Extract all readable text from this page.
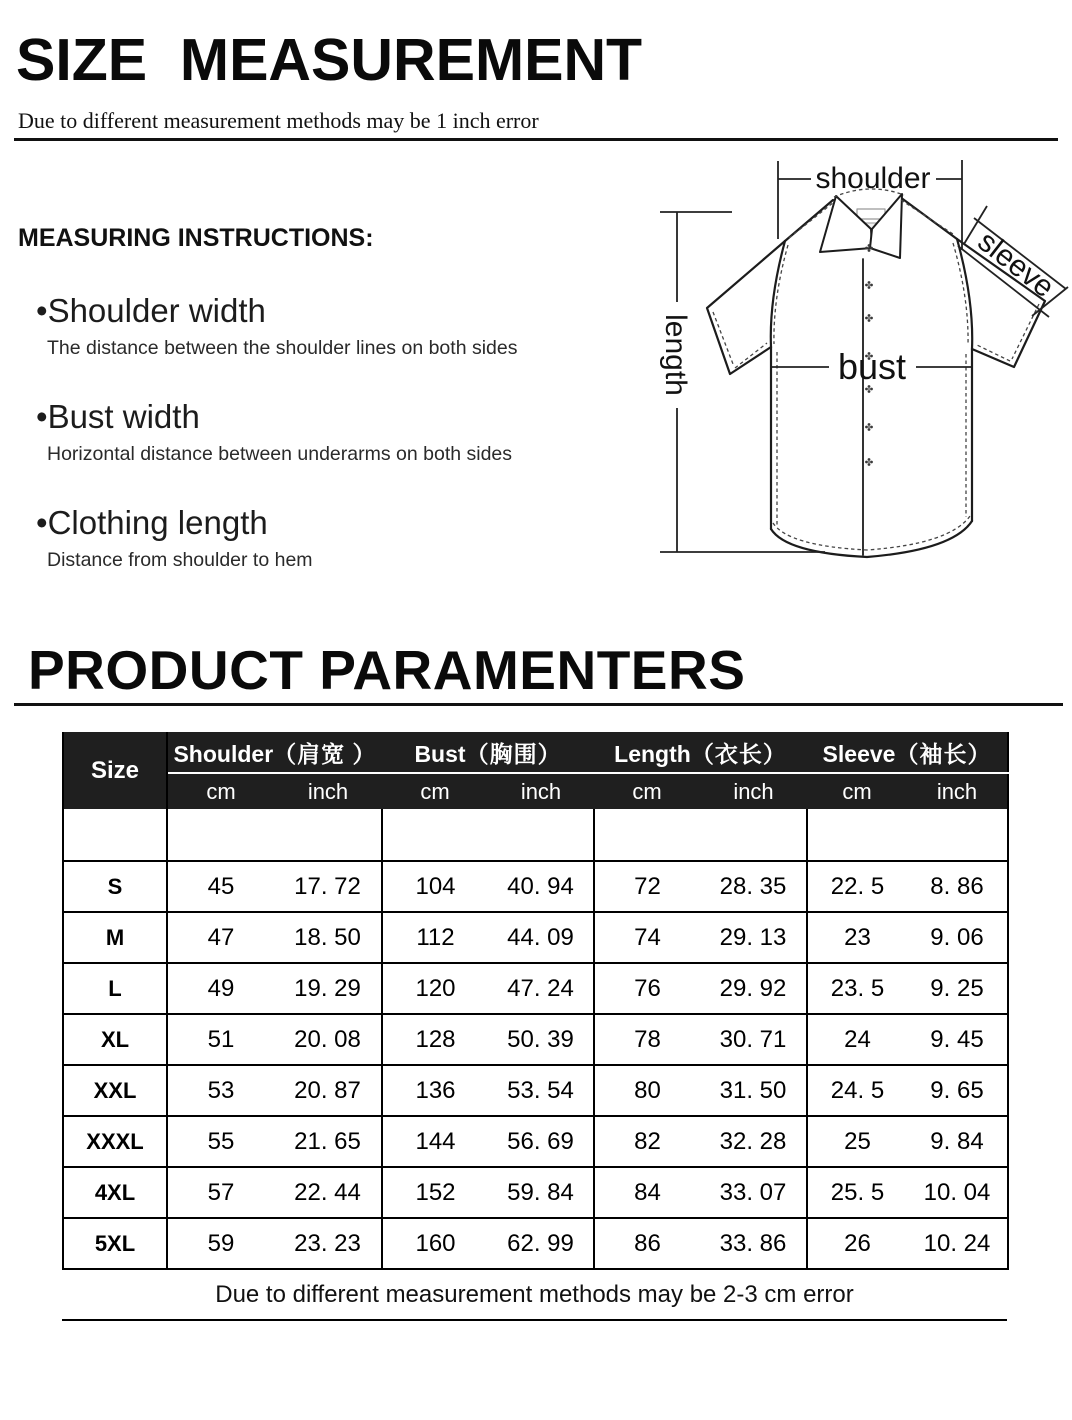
SIZE  MEASUREMENT
Due to different measurement methods may be 1 inch error
MEASURING INSTRUCTIONS:
•Shoulder width
The distance between the shoulder lines on both sides
•Bust width
Horizontal distance between underarms on both sides
•Clothing length
Distance from shoulder to hem
shoulder
length	bust
sleeve
PRODUCT PARAMENTERS
Size	Shoulder（肩宽 ）		Bust（胸围）		Length（衣长）		Sleeve（袖长）	
	cm	inch	cm	inch	cm	inch	cm	inch

S	45	17. 72	104	40. 94	72	28. 35	22. 5	8. 86
M	47	18. 50	112	44. 09	74	29. 13	23	9. 06
L	49	19. 29	120	47. 24	76	29. 92	23. 5	9. 25
XL	51	20. 08	128	50. 39	78	30. 71	24	9. 45
XXL	53	20. 87	136	53. 54	80	31. 50	24. 5	9. 65
XXXL	55	21. 65	144	56. 69	82	32. 28	25	9. 84
4XL	57	22. 44	152	59. 84	84	33. 07	25. 5	10. 04
5XL	59	23. 23	160	62. 99	86	33. 86	26	10. 24
Due to different measurement methods may be 2-3 cm error
